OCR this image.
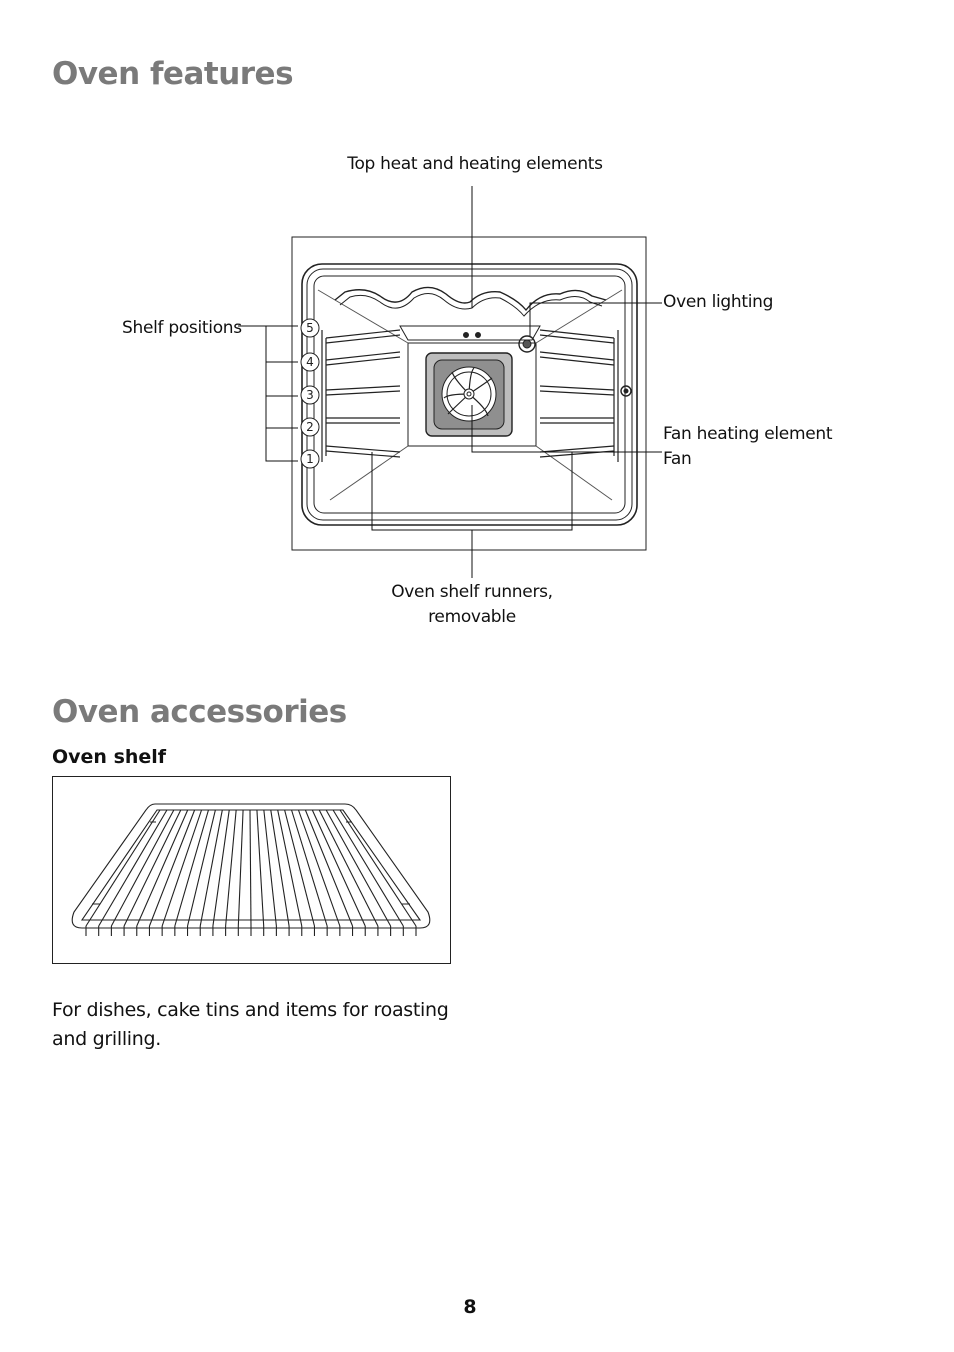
Oven features
Top heat and heating elements
Oven lighting
Shelf positions
Fan heating element
Fan
Oven shelf runners,
removable
5
4
3
2
1
Oven accessories
Oven shelf

For dishes, cake tins and items for roasting and grilling.

8
